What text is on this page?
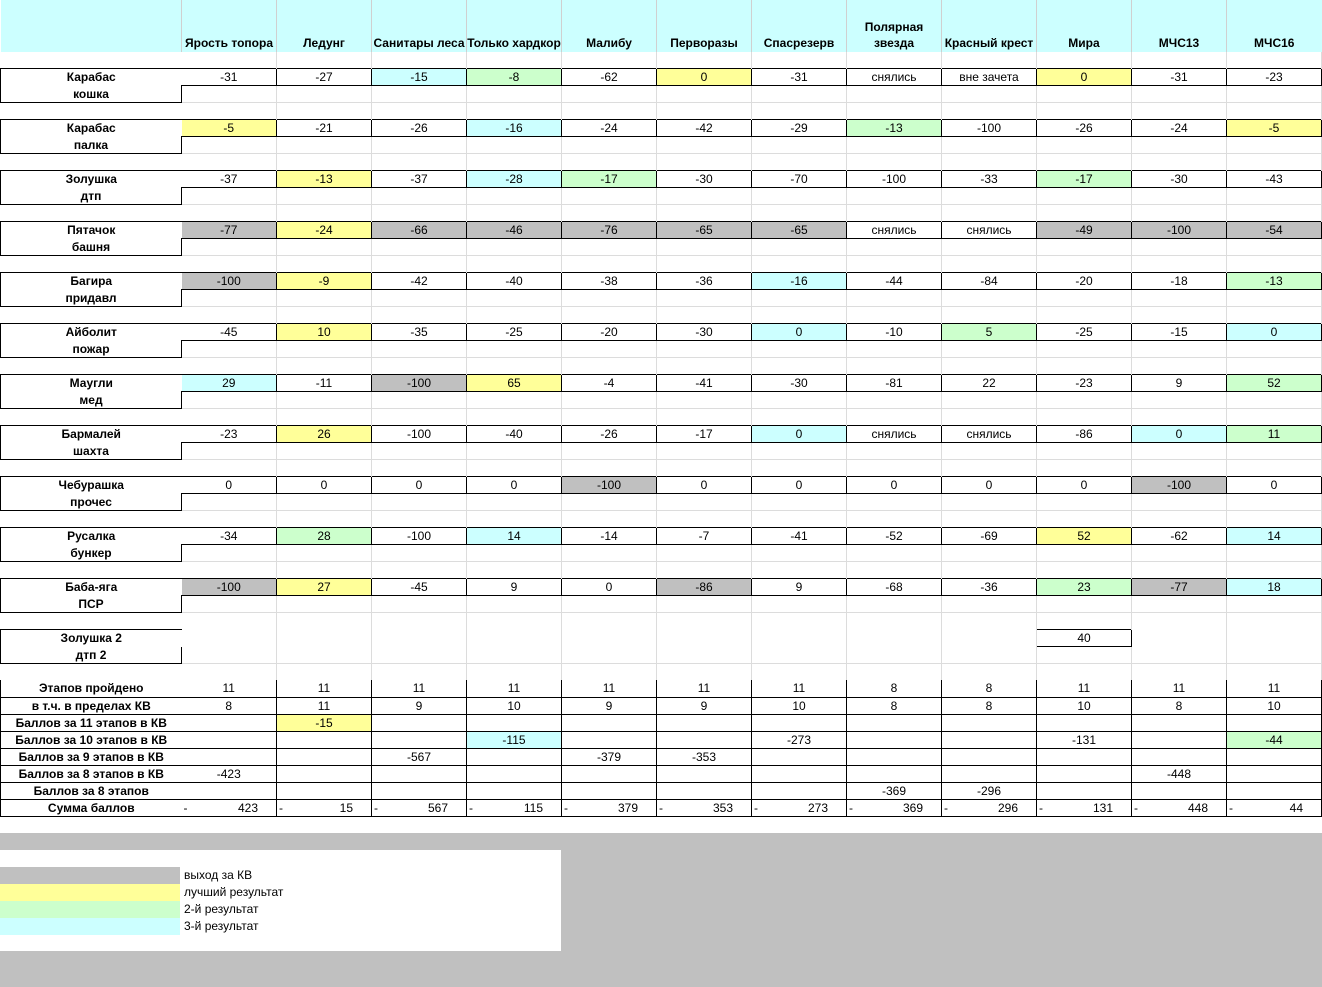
	Ярость топора	Ледунг	Санитары леса	Только хардкор	Малибу	Перворазы	Спасрезерв	Полярная звезда	Красный крест	Мира	МЧС13	МЧС16

Карабас	-31	-27	-15	-8	-62	0	-31	снялись	вне зачета	0	-31	-23
кошка												

Карабас	-5	-21	-26	-16	-24	-42	-29	-13	-100	-26	-24	-5
палка												

Золушка	-37	-13	-37	-28	-17	-30	-70	-100	-33	-17	-30	-43
дтп												

Пятачок	-77	-24	-66	-46	-76	-65	-65	снялись	снялись	-49	-100	-54
башня												

Багира	-100	-9	-42	-40	-38	-36	-16	-44	-84	-20	-18	-13
придавл												

Айболит	-45	10	-35	-25	-20	-30	0	-10	5	-25	-15	0
пожар												

Маугли	29	-11	-100	65	-4	-41	-30	-81	22	-23	9	52
мед												

Бармалей	-23	26	-100	-40	-26	-17	0	снялись	снялись	-86	0	11
шахта												

Чебурашка	0	0	0	0	-100	0	0	0	0	0	-100	0
прочес												

Русалка	-34	28	-100	14	-14	-7	-41	-52	-69	52	-62	14
бункер												

Баба-яга	-100	27	-45	9	0	-86	9	-68	-36	23	-77	18
ПСР												

Золушка 2										40		
дтп 2												

Этапов пройдено	11	11	11	11	11	11	11	8	8	11	11	11
в т.ч. в пределах КВ	8	11	9	10	9	9	10	8	8	10	8	10
Баллов за 11 этапов в КВ		-15										
Баллов за 10 этапов в КВ				-115			-273			-131		-44
Баллов за 9 этапов в КВ			-567		-379	-353						
Баллов за 8 этапов в КВ	-423										-448	
Баллов за 8 этапов								-369	-296			
Сумма баллов	- 423	- 15	- 567	- 115	- 379	- 353	- 273	- 369	- 296	- 131	- 448	- 44
выход за КВ
лучший результат
2-й результат
3-й результат
